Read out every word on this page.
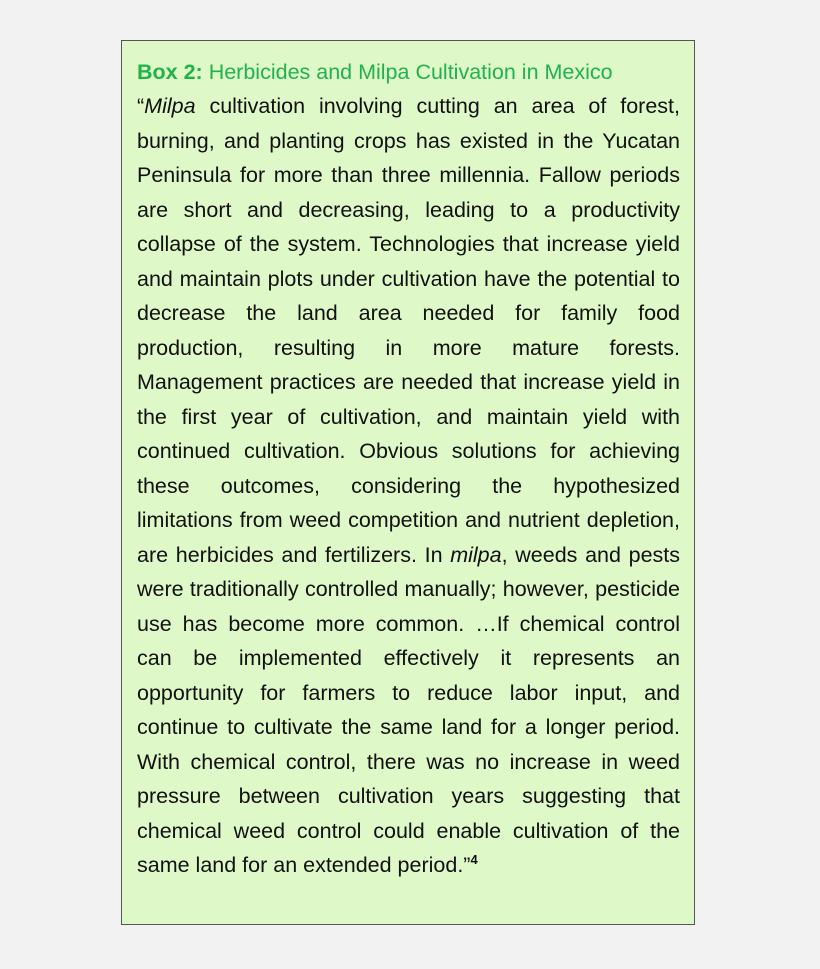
Box 2: Herbicides and Milpa Cultivation in Mexico

“Milpa cultivation involving cutting an area of forest, burning, and planting crops has existed in the Yucatan Peninsula for more than three millennia. Fallow periods are short and decreasing, leading to a productivity collapse of the system. Technologies that increase yield and maintain plots under cultivation have the potential to decrease the land area needed for family food production, resulting in more mature forests. Management practices are needed that increase yield in the first year of cultivation, and maintain yield with continued cultivation. Obvious solutions for achieving these outcomes, considering the hypothesized limitations from weed competition and nutrient depletion, are herbicides and fertilizers. In milpa, weeds and pests were traditionally controlled manually; however, pesticide use has become more common. …If chemical control can be implemented effectively it represents an opportunity for farmers to reduce labor input, and continue to cultivate the same land for a longer period. With chemical control, there was no increase in weed pressure between cultivation years suggesting that chemical weed control could enable cultivation of the same land for an extended period.”$^4$
